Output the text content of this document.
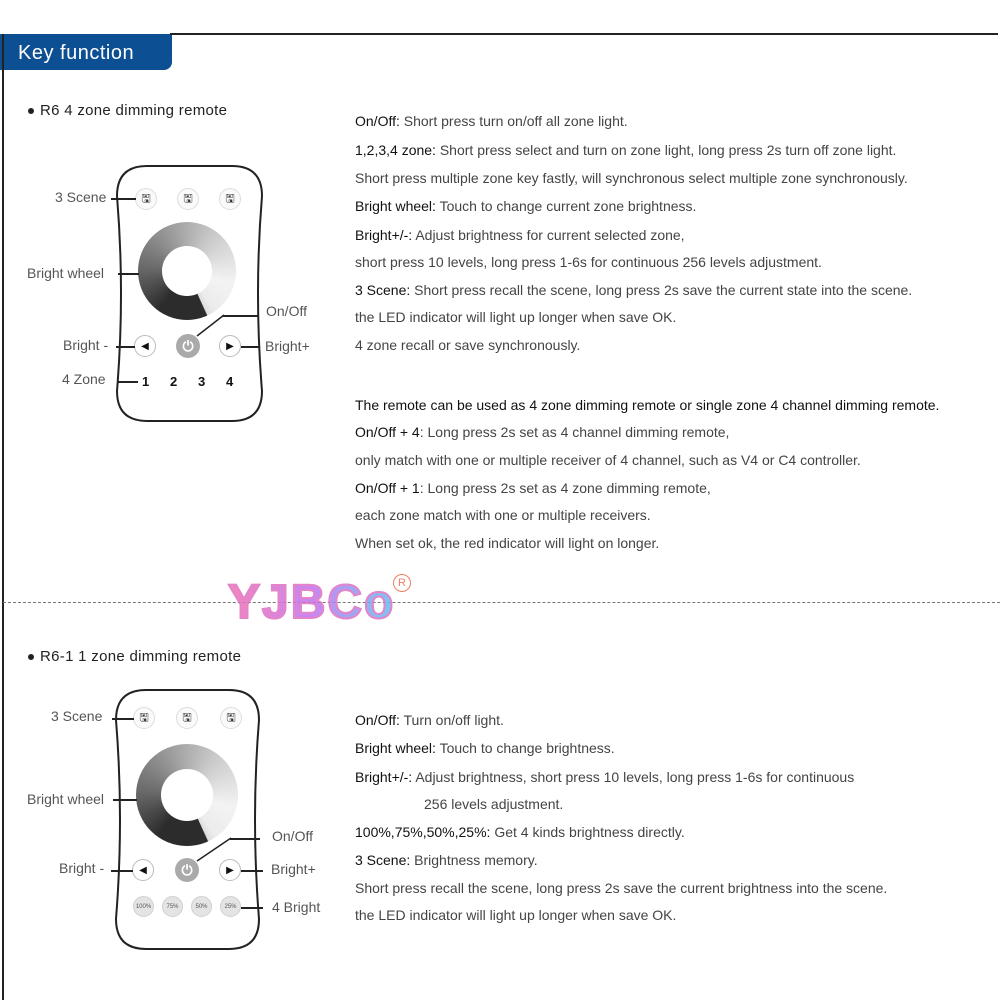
Key function
R6 4 zone dimming remote
🖫	🖫	🖫
◀ ⏻	▶
1 2 3 4
3 Scene
Bright wheel
On/Off
Bright -	Bright+
4 Zone
On/Off: Short press turn on/off all zone light.
1,2,3,4 zone: Short press select and turn on zone light, long press 2s turn off zone light.
Short press multiple zone key fastly, will synchronous select multiple zone synchronously.
Bright wheel: Touch to change current zone brightness.
Bright+/-: Adjust brightness for current selected zone,
short press 10 levels, long press 1-6s for continuous 256 levels adjustment.
3 Scene: Short press recall the scene, long press 2s save the current state into the scene.
the LED indicator will light up longer when save OK.
4 zone recall or save synchronously.
The remote can be used as 4 zone dimming remote or single zone 4 channel dimming remote.
On/Off + 4: Long press 2s set as 4 channel dimming remote,
only match with one or multiple receiver of 4 channel, such as V4 or C4 controller.
On/Off + 1: Long press 2s set as 4 zone dimming remote,
each zone match with one or multiple receivers.
When set ok, the red indicator will light on longer.
YJBCo R
R6-1 1 zone dimming remote
🖫	🖫	🖫
◀ ⏻	▶
100%	75%	50%	25%
3 Scene
Bright wheel
On/Off
Bright -	Bright+
4 Bright
On/Off: Turn on/off light.
Bright wheel: Touch to change brightness.
Bright+/-: Adjust brightness, short press 10 levels, long press 1-6s for continuous
256 levels adjustment.
100%,75%,50%,25%: Get 4 kinds brightness directly.
3 Scene: Brightness memory.
Short press recall the scene, long press 2s save the current brightness into the scene.
the LED indicator will light up longer when save OK.
